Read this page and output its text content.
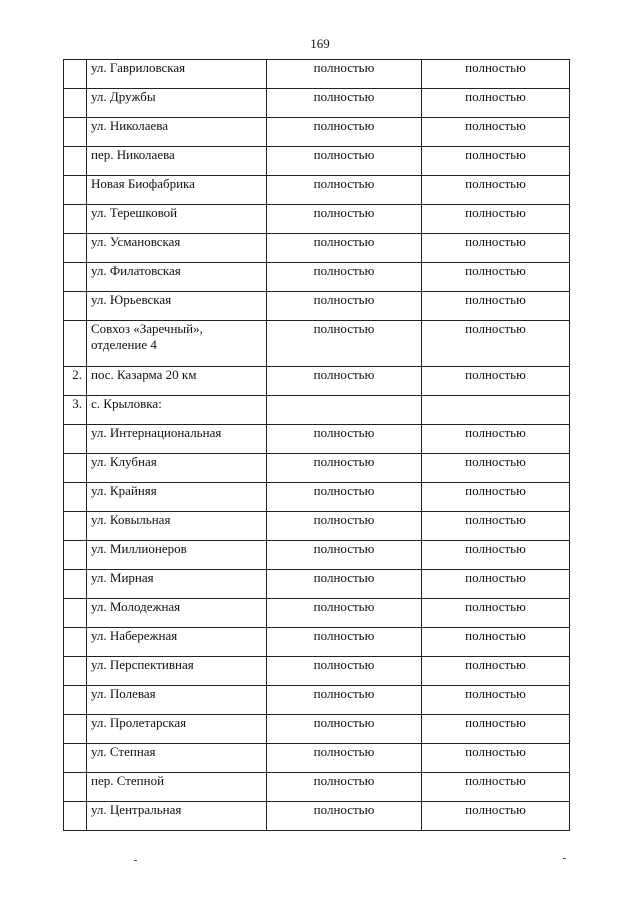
169
	ул. Гавриловская	полностью	полностью
	ул. Дружбы	полностью	полностью
	ул. Николаева	полностью	полностью
	пер. Николаева	полностью	полностью
	Новая Биофабрика	полностью	полностью
	ул. Терешковой	полностью	полностью
	ул. Усмановская	полностью	полностью
	ул. Филатовская	полностью	полностью
	ул. Юрьевская	полностью	полностью
	Совхоз «Заречный», отделение 4	полностью	полностью
2.	пос. Казарма 20 км	полностью	полностью
3.	с. Крыловка:		
	ул. Интернациональная	полностью	полностью
	ул. Клубная	полностью	полностью
	ул. Крайняя	полностью	полностью
	ул. Ковыльная	полностью	полностью
	ул. Миллионеров	полностью	полностью
	ул. Мирная	полностью	полностью
	ул. Молодежная	полностью	полностью
	ул. Набережная	полностью	полностью
	ул. Перспективная	полностью	полностью
	ул. Полевая	полностью	полностью
	ул. Пролетарская	полностью	полностью
	ул. Степная	полностью	полностью
	пер. Степной	полностью	полностью
	ул. Центральная	полностью	полностью
